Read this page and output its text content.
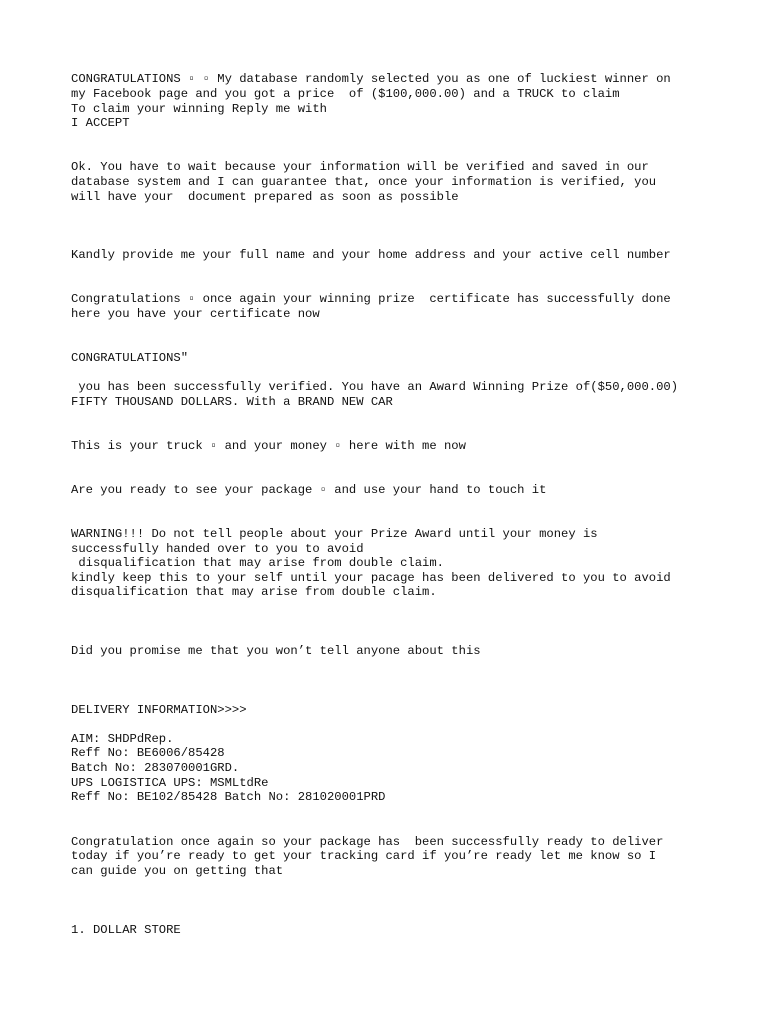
CONGRATULATIONS ▫ ▫ My database randomly selected you as one of luckiest winner on

my Facebook page and you got a price  of ($100,000.00) and a TRUCK to claim

To claim your winning Reply me with

I ACCEPT

Ok. You have to wait because your information will be verified and saved in our

database system and I can guarantee that, once your information is verified, you

will have your  document prepared as soon as possible

Kandly provide me your full name and your home address and your active cell number

Congratulations ▫ once again your winning prize  certificate has successfully done

here you have your certificate now

CONGRATULATIONS"

you has been successfully verified. You have an Award Winning Prize of($50,000.00)

FIFTY THOUSAND DOLLARS. With a BRAND NEW CAR

This is your truck ▫ and your money ▫ here with me now

Are you ready to see your package ▫ and use your hand to touch it

WARNING!!! Do not tell people about your Prize Award until your money is

successfully handed over to you to avoid

disqualification that may arise from double claim.

kindly keep this to your self until your pacage has been delivered to you to avoid

disqualification that may arise from double claim.

Did you promise me that you won’t tell anyone about this

DELIVERY INFORMATION>>>>

AIM: SHDPdRep.

Reff No: BE6006/85428

Batch No: 283070001GRD.

UPS LOGISTICA UPS: MSMLtdRe

Reff No: BE102/85428 Batch No: 281020001PRD

Congratulation once again so your package has  been successfully ready to deliver

today if you’re ready to get your tracking card if you’re ready let me know so I

can guide you on getting that

1. DOLLAR STORE
